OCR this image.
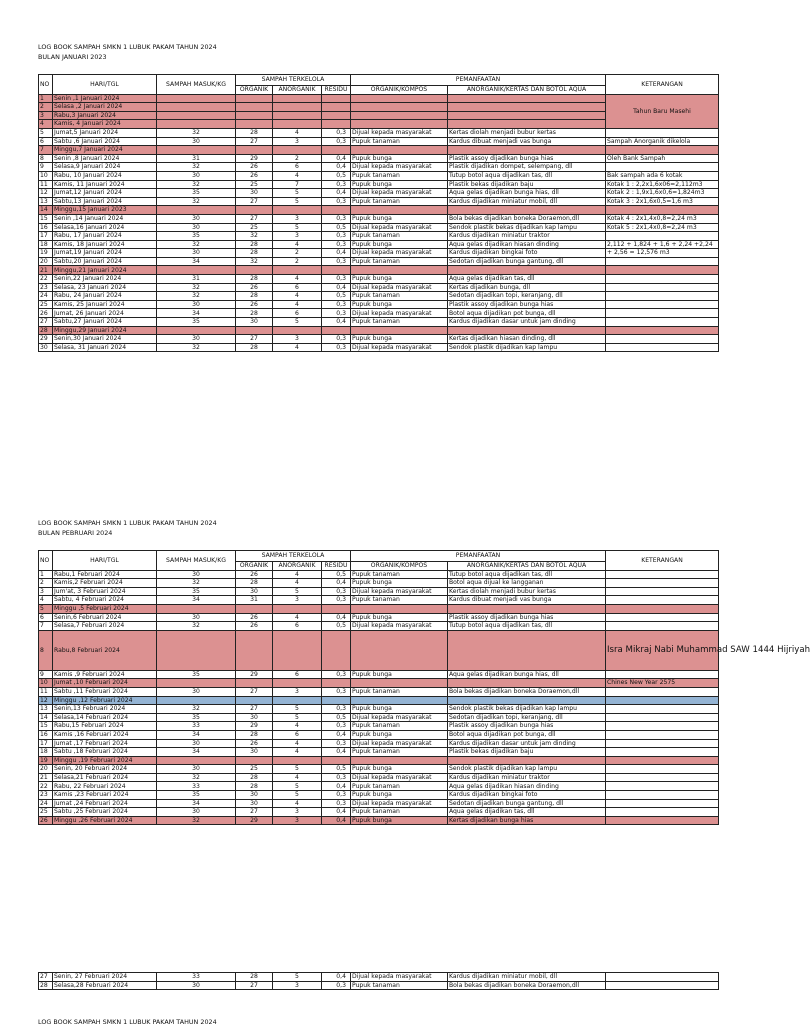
LOG BOOK SAMPAH SMKN 1 LUBUK PAKAM TAHUN 2024
BULAN JANUARI 2023
NO	HARI/TGL	SAMPAH MASUK/KG	SAMPAH TERKELOLA			PEMANFAATAN		KETERANGAN
			ORGANIK	ANORGANIK	RESIDU	ORGANIK/KOMPOS	ANORGANIK/KERTAS DAN BOTOL AQUA	
1	Senin ,1 Januari 2024							Tahun Baru Masehi
2	Selasa ,2 Januari 2024							
3	Rabu,3 Januari 2024							
4	Kamis, 4 Januari 2024							
5	Jumat,5 Januari 2024	32	28	4	0,3	Dijual kepada masyarakat	Kertas diolah menjadi bubur kertas	
6	Sabtu ,6 Januari 2024	30	27	3	0,3	Pupuk tanaman	Kardus dibuat menjadi vas bunga	Sampah Anorganik dikelola
7	Minggu,7 Januari 2024							
8	Senin ,8 Januari 2024	31	29	2	0,4	Pupuk bunga	Plastik assoy dijadikan bunga hias	Oleh Bank Sampah
9	Selasa,9 Januari 2024	32	26	6	0,4	Dijual kepada masyarakat	Plastik dijadikan dompet, selempang, dll	
10	Rabu, 10 Januari 2024	30	26	4	0,5	Pupuk tanaman	Tutup botol aqua dijadikan tas, dll	Bak sampah ada 6 kotak
11	Kamis, 11 Januari 2024	32	25	7	0,3	Pupuk bunga	Plastik bekas dijadikan baju	Kotak 1 : 2,2x1,6x06=2,112m3
12	Jumat,12 Januari 2024	35	30	5	0,4	Dijual kepada masyarakat	Aqua gelas dijadikan bunga hias, dll	Kotak 2 : 1,9x1,6x0,6=1,824m3
13	Sabtu,13 Januari 2024	32	27	5	0,3	Pupuk tanaman	Kardus dijadikan miniatur mobil, dll	Kotak 3 : 2x1,6x0,5=1,6 m3
14	Minggu,15 Januari 2023							
15	Senin ,14 Januari 2024	30	27	3	0,3	Pupuk bunga	Bola bekas dijadikan boneka Doraemon,dll	Kotak 4 : 2x1,4x0,8=2,24 m3
16	Selasa,16 Januari 2024	30	25	5	0,5	Dijual kepada masyarakat	Sendok plastik bekas dijadikan kap lampu	Kotak 5 : 2x1,4x0,8=2,24 m3
17	Rabu, 17 Januari 2024	35	32	3	0,3	Pupuk tanaman	Kardus dijadikan miniatur traktor	
18	Kamis, 18 Januari 2024	32	28	4	0,3	Pupuk bunga	Aqua gelas dijadikan hiasan dinding	2,112 + 1,824 + 1,6 + 2,24 +2,24
19	Jumat,19 Januari 2024	30	28	2	0,4	Dijual kepada masyarakat	Kardus dijadikan bingkai foto	+ 2,56 = 12,576 m3
20	Sabtu,20 Januari 2024	34	32	2	0,3	Pupuk tanaman	Sedotan dijadikan bunga gantung, dll	
21	Minggu,21 Januari 2024							
22	Senin,22 Januari 2024	31	28	4	0,3	Pupuk bunga	Aqua gelas dijadikan tas, dll	
23	Selasa, 23 Januari 2024	32	26	6	0,4	Dijual kepada masyarakat	Kertas dijadikan bunga, dll	
24	Rabu, 24 Januari 2024	32	28	4	0,5	Pupuk tanaman	Sedotan dijadikan topi, keranjang, dll	
25	Kamis, 25 Januari 2024	30	26	4	0,3	Pupuk bunga	Plastik assoy dijadikan bunga hias	
26	Jumat, 26 Januari 2024	34	28	6	0,3	Dijual kepada masyarakat	Botol aqua dijadikan pot bunga, dll	
27	Sabtu,27 Januari 2024	35	30	5	0,4	Pupuk tanaman	Kardus dijadikan dasar untuk jam dinding	
28	Minggu,29 Januari 2024							
29	Senin,30 Januari 2024	30	27	3	0,3	Pupuk bunga	Kertas dijadikan hiasan dinding, dll	
30	Selasa, 31 Januari 2024	32	28	4	0,3	Dijual kepada masyarakat	Sendok plastik dijadikan kap lampu	
LOG BOOK SAMPAH SMKN 1 LUBUK PAKAM TAHUN 2024
BULAN PEBRUARI 2024
NO	HARI/TGL	SAMPAH MASUK/KG	SAMPAH TERKELOLA			PEMANFAATAN		KETERANGAN
			ORGANIK	ANORGANIK	RESIDU	ORGANIK/KOMPOS	ANORGANIK/KERTAS DAN BOTOL AQUA	
1	Rabu,1 Februari 2024	30	26	4	0,5	Pupuk tanaman	Tutup botol aqua dijadikan tas, dll	
2	Kamis,2 Februari 2024	32	28	4	0,4	Pupuk bunga	Botol aqua dijual ke langganan	
3	Jum'at, 3 Februari 2024	35	30	5	0,3	Dijual kepada masyarakat	Kertas diolah menjadi bubur kertas	
4	Sabtu, 4 Februari 2024	34	31	3	0,3	Pupuk tanaman	Kardus dibuat menjadi vas bunga	
5	Minggu ,5 Februari 2024							
6	Senin,6 Februari 2024	30	26	4	0,4	Pupuk bunga	Plastik assoy dijadikan bunga hias	
7	Selasa,7 Februari 2024	32	26	6	0,5	Dijual kepada masyarakat	Tutup botol aqua dijadikan tas, dll	
8	Rabu,8 Februari 2024							Isra Mikraj Nabi Muhammad SAW 1444 Hijriyah
9	Kamis ,9 Februari 2024	35	29	6	0,3	Pupuk bunga	Aqua gelas dijadikan bunga hias, dll	
10	Jumat ,10 Februari 2024							Chines New Year 2575
11	Sabtu ,11 Februari 2024	30	27	3	0,3	Pupuk tanaman	Bola bekas dijadikan boneka Doraemon,dll	
12	Minggu ,12 Februari 2024							
13	Senin,13 Februari 2024	32	27	5	0,3	Pupuk bunga	Sendok plastik bekas dijadikan kap lampu	
14	Selasa,14 Februari 2024	35	30	5	0,5	Dijual kepada masyarakat	Sedotan dijadikan topi, keranjang, dll	
15	Rabu,15 Februari 2024	33	29	4	0,3	Pupuk tanaman	Plastik assoy dijadikan bunga hias	
16	Kamis ,16 Februari 2024	34	28	6	0,4	Pupuk bunga	Botol aqua dijadikan pot bunga, dll	
17	Jumat ,17 Februari 2024	30	26	4	0,3	Dijual kepada masyarakat	Kardus dijadikan dasar untuk jam dinding	
18	Sabtu ,18 Februari 2024	34	30	4	0,4	Pupuk tanaman	Plastik bekas dijadikan baju	
19	Minggu ,19 Februari 2024							
20	Senin, 20 Februari 2024	30	25	5	0,5	Pupuk bunga	Sendok plastik dijadikan kap lampu	
21	Selasa,21 Februari 2024	32	28	4	0,3	Dijual kepada masyarakat	Kardus dijadikan miniatur traktor	
22	Rabu, 22 Februari 2024	33	28	5	0,4	Pupuk tanaman	Aqua gelas dijadikan hiasan dinding	
23	Kamis ,23 Februari 2024	35	30	5	0,3	Pupuk bunga	Kardus dijadikan bingkai foto	
24	Jumat ,24 Februari 2024	34	30	4	0,3	Dijual kepada masyarakat	Sedotan dijadikan bunga gantung, dll	
25	Sabtu ,25 Februari 2024	30	27	3	0,4	Pupuk tanaman	Aqua gelas dijadikan tas, dll	
26	Minggu ,26 Februari 2024	32	29	3	0,4	Pupuk bunga	Kertas dijadikan bunga hias	
27	Senin, 27 Februari 2024	33	28	5	0,4	Dijual kepada masyarakat	Kardus dijadikan miniatur mobil, dll	
28	Selasa,28 Februari 2024	30	27	3	0,3	Pupuk tanaman	Bola bekas dijadikan boneka Doraemon,dll	
LOG BOOK SAMPAH SMKN 1 LUBUK PAKAM TAHUN 2024
